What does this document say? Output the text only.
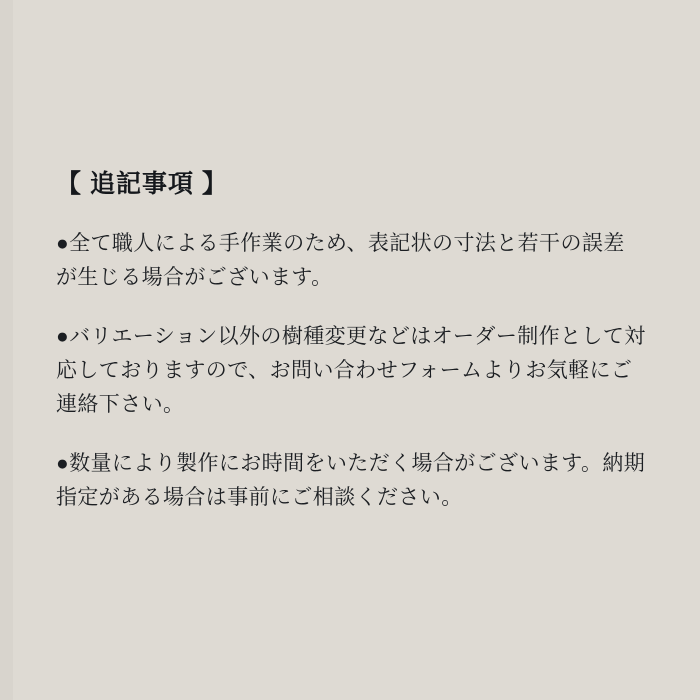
【 追記事項 】

●全て職人による手作業のため、表記状の寸法と若干の誤差が生じる場合がございます。

●バリエーション以外の樹種変更などはオーダー制作として対応しておりますので、お問い合わせフォームよりお気軽にご連絡下さい。

●数量により製作にお時間をいただく場合がございます。納期指定がある場合は事前にご相談ください。
